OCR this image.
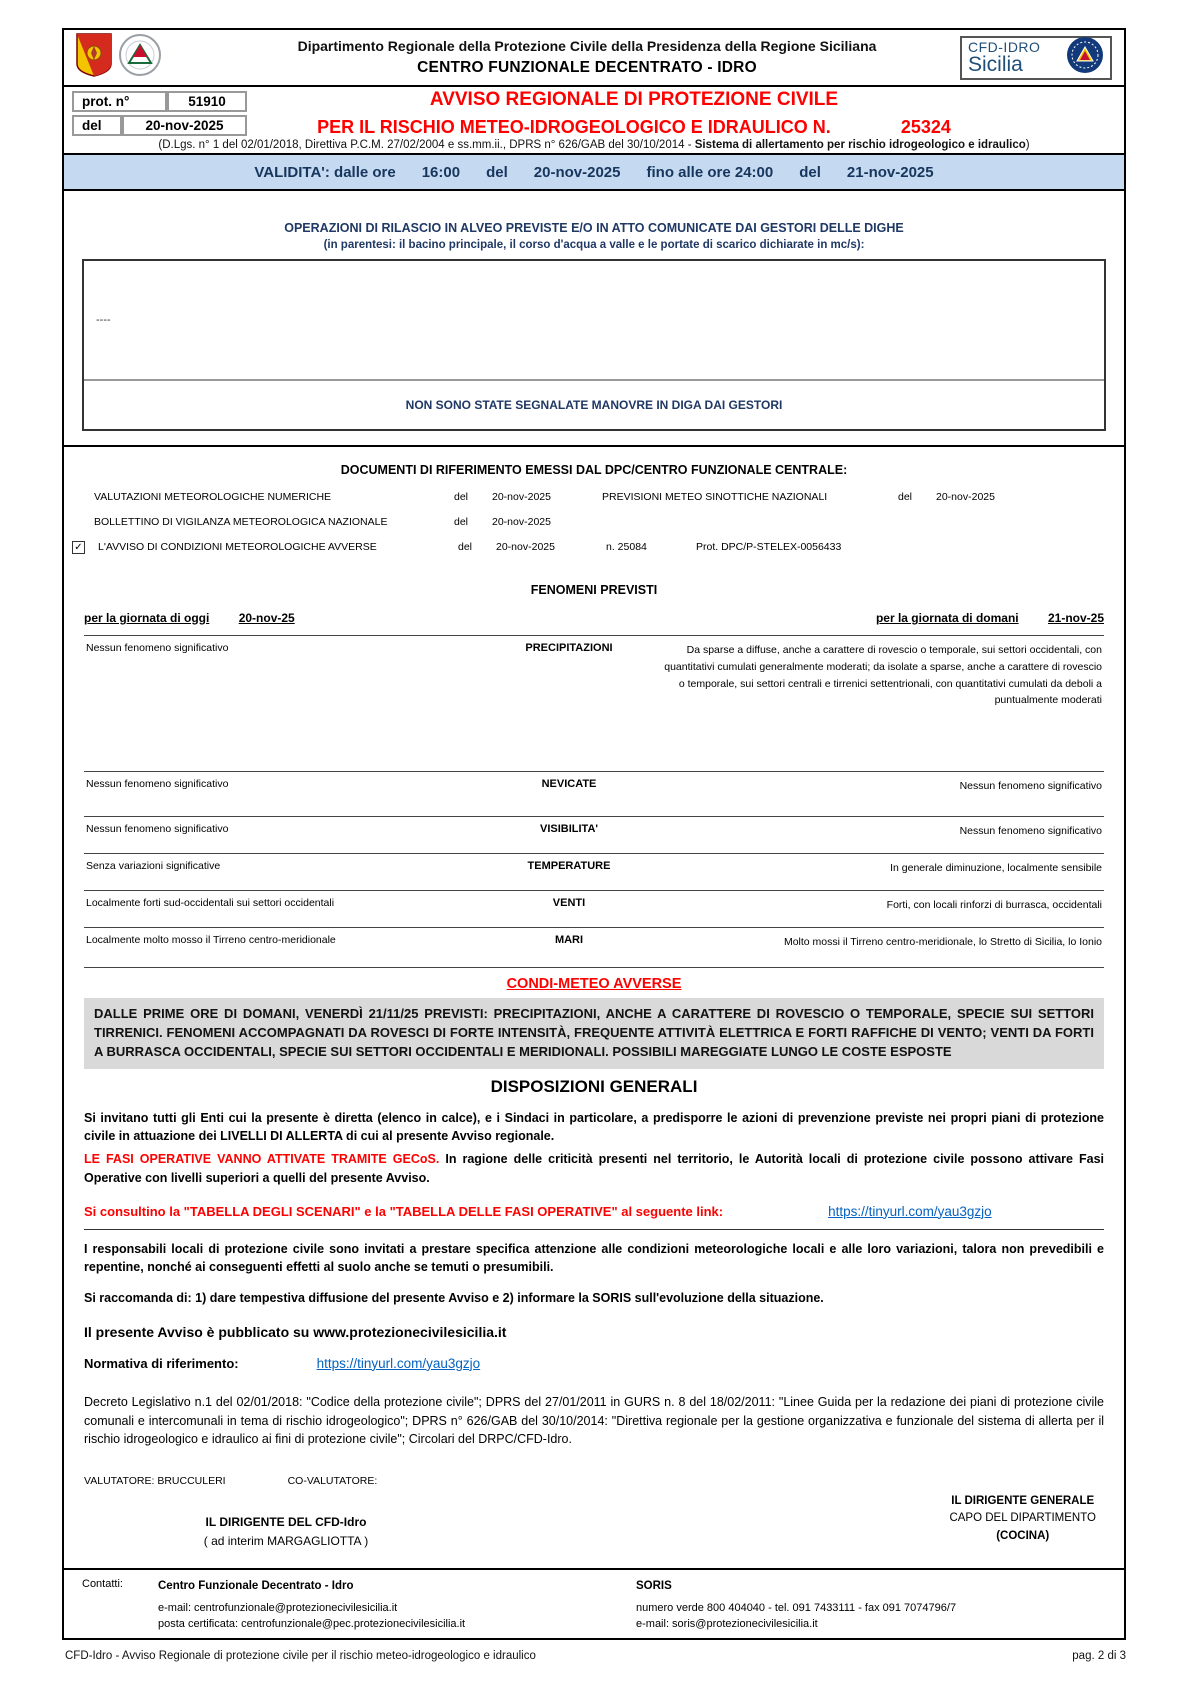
Dipartimento Regionale della Protezione Civile della Presidenza della Regione Siciliana
CENTRO FUNZIONALE DECENTRATO - IDRO
CFD-IDRO
Sicilia
prot. n°	51910
del	20-nov-2025
AVVISO REGIONALE DI PROTEZIONE CIVILE
PER IL RISCHIO METEO-IDROGEOLOGICO E IDRAULICO N.	25324
(D.Lgs. n° 1 del 02/01/2018, Direttiva P.C.M. 27/02/2004 e ss.mm.ii., DPRS n° 626/GAB del 30/10/2014 - Sistema di allertamento per rischio idrogeologico e idraulico)
VALIDITA': dalle ore 16:00 del 20-nov-2025 fino alle ore 24:00 del 21-nov-2025
OPERAZIONI DI RILASCIO IN ALVEO PREVISTE E/O IN ATTO COMUNICATE DAI GESTORI DELLE DIGHE
(in parentesi: il bacino principale, il corso d'acqua a valle e le portate di scarico dichiarate in mc/s):
----
NON SONO STATE SEGNALATE MANOVRE IN DIGA DAI GESTORI
DOCUMENTI DI RIFERIMENTO EMESSI DAL DPC/CENTRO FUNZIONALE CENTRALE:
VALUTAZIONI METEOROLOGICHE NUMERICHE	del	20-nov-2025	PREVISIONI METEO SINOTTICHE NAZIONALI	del	20-nov-2025
BOLLETTINO DI VIGILANZA METEOROLOGICA NAZIONALE	del	20-nov-2025
✓ L'AVVISO DI CONDIZIONI METEOROLOGICHE AVVERSE	del	20-nov-2025	n. 25084	Prot. DPC/P-STELEX-0056433
FENOMENI PREVISTI
per la giornata di oggi 20-nov-25	per la giornata di domani 21-nov-25
Nessun fenomeno significativo	PRECIPITAZIONI	Da sparse a diffuse, anche a carattere di rovescio o temporale, sui settori occidentali, con quantitativi cumulati generalmente moderati; da isolate a sparse, anche a carattere di rovescio o temporale, sui settori centrali e tirrenici settentrionali, con quantitativi cumulati da deboli a puntualmente moderati
Nessun fenomeno significativo	NEVICATE	Nessun fenomeno significativo
Nessun fenomeno significativo	VISIBILITA'	Nessun fenomeno significativo
Senza variazioni significative	TEMPERATURE	In generale diminuzione, localmente sensibile
Localmente forti sud-occidentali sui settori occidentali	VENTI	Forti, con locali rinforzi di burrasca, occidentali
Localmente molto mosso il Tirreno centro-meridionale	MARI	Molto mossi il Tirreno centro-meridionale, lo Stretto di Sicilia, lo Ionio
CONDI-METEO AVVERSE
DALLE PRIME ORE DI DOMANI, VENERDÌ 21/11/25 PREVISTI: PRECIPITAZIONI, ANCHE A CARATTERE DI ROVESCIO O TEMPORALE, SPECIE SUI SETTORI TIRRENICI. FENOMENI ACCOMPAGNATI DA ROVESCI DI FORTE INTENSITÀ, FREQUENTE ATTIVITÀ ELETTRICA E FORTI RAFFICHE DI VENTO; VENTI DA FORTI A BURRASCA OCCIDENTALI, SPECIE SUI SETTORI OCCIDENTALI E MERIDIONALI. POSSIBILI MAREGGIATE LUNGO LE COSTE ESPOSTE
DISPOSIZIONI GENERALI
Si invitano tutti gli Enti cui la presente è diretta (elenco in calce), e i Sindaci in particolare, a predisporre le azioni di prevenzione previste nei propri piani di protezione civile in attuazione dei LIVELLI DI ALLERTA di cui al presente Avviso regionale.
LE FASI OPERATIVE VANNO ATTIVATE TRAMITE GECoS. In ragione delle criticità presenti nel territorio, le Autorità locali di protezione civile possono attivare Fasi Operative con livelli superiori a quelli del presente Avviso.
Si consultino la "TABELLA DEGLI SCENARI" e la "TABELLA DELLE FASI OPERATIVE" al seguente link:	https://tinyurl.com/yau3gzjo
I responsabili locali di protezione civile sono invitati a prestare specifica attenzione alle condizioni meteorologiche locali e alle loro variazioni, talora non prevedibili e repentine, nonché ai conseguenti effetti al suolo anche se temuti o presumibili.
Si raccomanda di: 1) dare tempestiva diffusione del presente Avviso e 2) informare la SORIS sull'evoluzione della situazione.
Il presente Avviso è pubblicato su www.protezionecivilesicilia.it
Normativa di riferimento:	https://tinyurl.com/yau3gzjo
Decreto Legislativo n.1 del 02/01/2018: "Codice della protezione civile"; DPRS del 27/01/2011 in GURS n. 8 del 18/02/2011: "Linee Guida per la redazione dei piani di protezione civile comunali e intercomunali in tema di rischio idrogeologico"; DPRS n° 626/GAB del 30/10/2014: "Direttiva regionale per la gestione organizzativa e funzionale del sistema di allerta per il rischio idrogeologico e idraulico ai fini di protezione civile"; Circolari del DRPC/CFD-Idro.
VALUTATORE: BRUCCULERI	CO-VALUTATORE:
IL DIRIGENTE GENERALE
CAPO DEL DIPARTIMENTO
(COCINA)
IL DIRIGENTE DEL CFD-Idro
( ad interim MARGAGLIOTTA )
Contatti:	Centro Funzionale Decentrato - Idro
e-mail: centrofunzionale@protezionecivilesicilia.it
posta certificata: centrofunzionale@pec.protezionecivilesicilia.it
SORIS
numero verde 800 404040 - tel. 091 7433111 - fax 091 7074796/7
e-mail: soris@protezionecivilesicilia.it
CFD-Idro - Avviso Regionale di protezione civile per il rischio meteo-idrogeologico e idraulico	pag. 2 di 3
